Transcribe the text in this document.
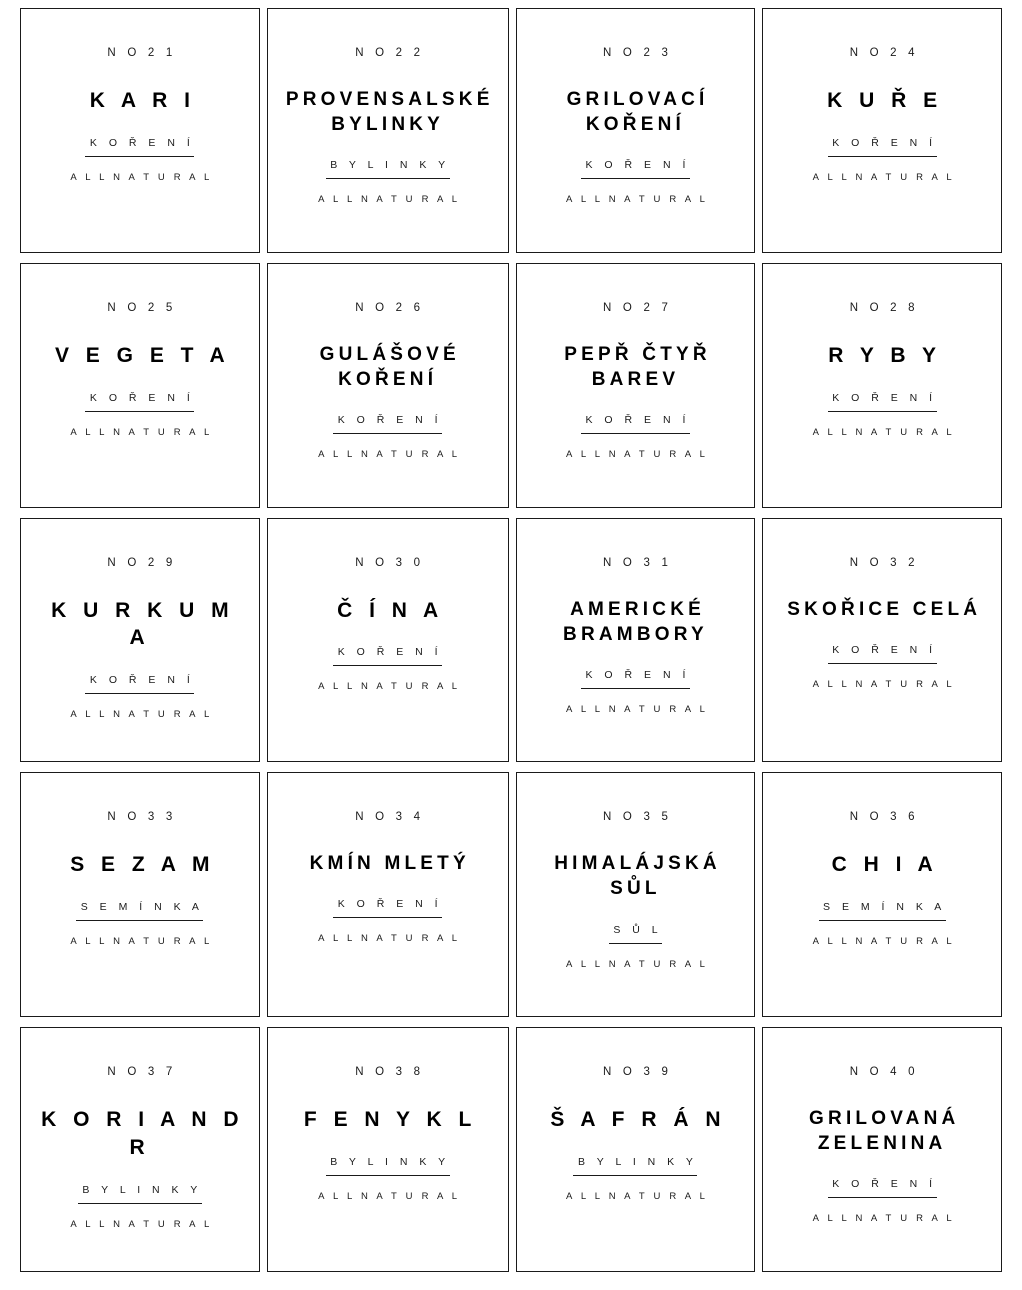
N O 2 1
K A R I
K O Ř E N Í
A L L N A T U R A L
N O 2 2
PROVENSALSKÉ BYLINKY
B Y L I N K Y
A L L N A T U R A L
N O 2 3
GRILOVACÍ KOŘENÍ
K O Ř E N Í
A L L N A T U R A L
N O 2 4
K U Ř E
K O Ř E N Í
A L L N A T U R A L
N O 2 5
V E G E T A
K O Ř E N Í
A L L N A T U R A L
N O 2 6
GULÁŠOVÉ KOŘENÍ
K O Ř E N Í
A L L N A T U R A L
N O 2 7
PEPŘ ČTYŘ BAREV
K O Ř E N Í
A L L N A T U R A L
N O 2 8
R Y B Y
K O Ř E N Í
A L L N A T U R A L
N O 2 9
K U R K U M A
K O Ř E N Í
A L L N A T U R A L
N O 3 0
Č Í N A
K O Ř E N Í
A L L N A T U R A L
N O 3 1
AMERICKÉ BRAMBORY
K O Ř E N Í
A L L N A T U R A L
N O 3 2
SKOŘICE CELÁ
K O Ř E N Í
A L L N A T U R A L
N O 3 3
S E Z A M
S E M Í N K A
A L L N A T U R A L
N O 3 4
KMÍN MLETÝ
K O Ř E N Í
A L L N A T U R A L
N O 3 5
HIMALÁJSKÁ SŮL
S Ů L
A L L N A T U R A L
N O 3 6
C H I A
S E M Í N K A
A L L N A T U R A L
N O 3 7
K O R I A N D R
B Y L I N K Y
A L L N A T U R A L
N O 3 8
F E N Y K L
B Y L I N K Y
A L L N A T U R A L
N O 3 9
Š A F R Á N
B Y L I N K Y
A L L N A T U R A L
N O 4 0
GRILOVANÁ ZELENINA
K O Ř E N Í
A L L N A T U R A L
